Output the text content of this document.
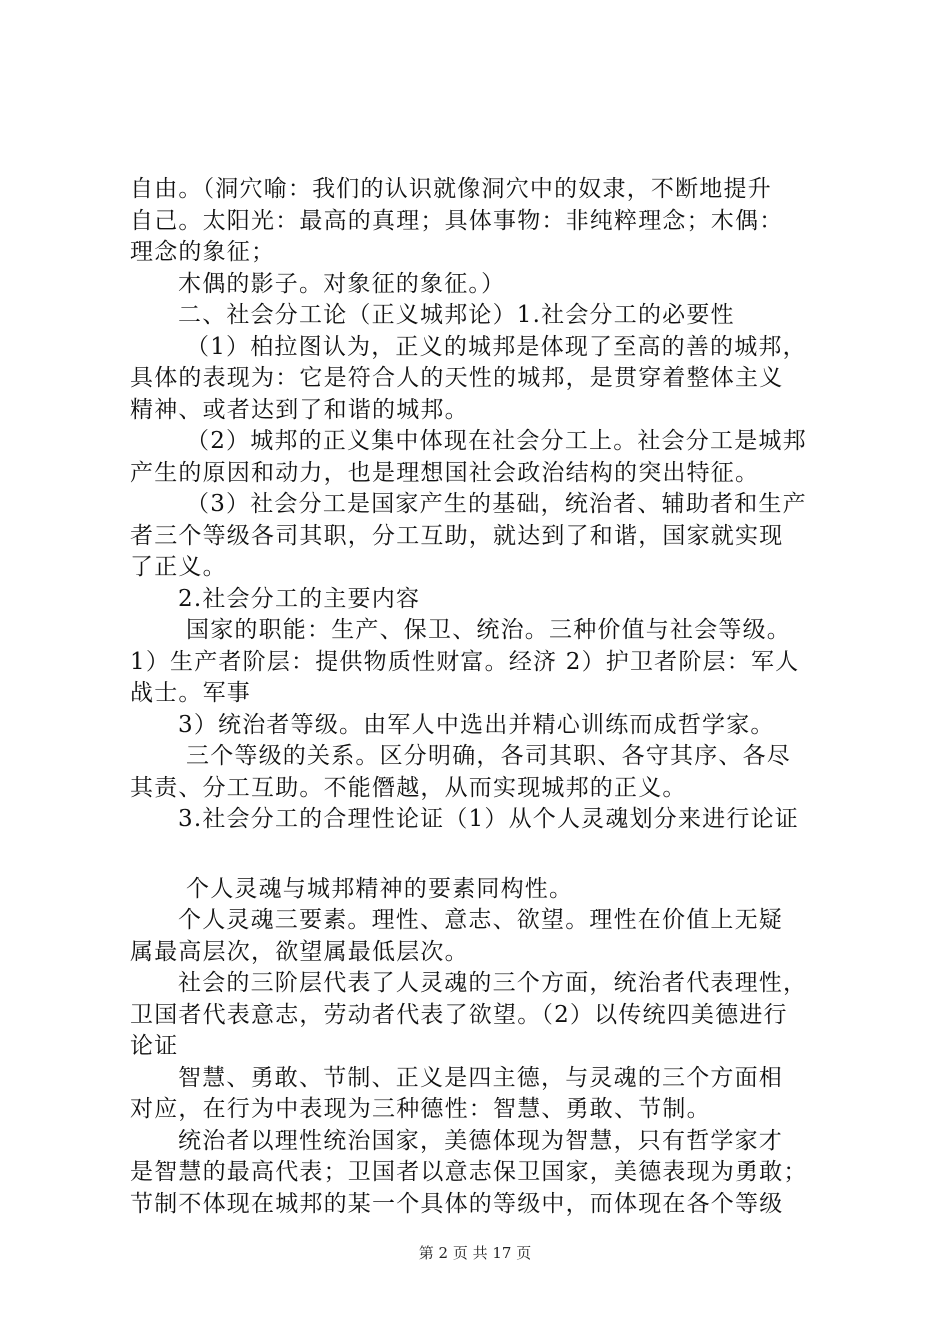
自由。（洞穴喻：我们的认识就像洞穴中的奴隶，不断地提升
自己。太阳光：最高的真理；具体事物：非纯粹理念；木偶：
理念的象征；
木偶的影子。对象征的象征。）
二、社会分工论（正义城邦论）1.社会分工的必要性
（1）柏拉图认为，正义的城邦是体现了至高的善的城邦，
具体的表现为：它是符合人的天性的城邦，是贯穿着整体主义
精神、或者达到了和谐的城邦。
（2）城邦的正义集中体现在社会分工上。社会分工是城邦
产生的原因和动力，也是理想国社会政治结构的突出特征。
（3）社会分工是国家产生的基础，统治者、辅助者和生产
者三个等级各司其职，分工互助，就达到了和谐，国家就实现
了正义。
2.社会分工的主要内容
国家的职能：生产、保卫、统治。三种价值与社会等级。
1）生产者阶层：提供物质性财富。经济 2）护卫者阶层：军人
战士。军事
3）统治者等级。由军人中选出并精心训练而成哲学家。
三个等级的关系。区分明确，各司其职、各守其序、各尽
其责、分工互助。不能僭越，从而实现城邦的正义。
3.社会分工的合理性论证（1）从个人灵魂划分来进行论证
个人灵魂与城邦精神的要素同构性。
个人灵魂三要素。理性、意志、欲望。理性在价值上无疑
属最高层次，欲望属最低层次。
社会的三阶层代表了人灵魂的三个方面，统治者代表理性，
卫国者代表意志，劳动者代表了欲望。（2）以传统四美德进行
论证
智慧、勇敢、节制、正义是四主德，与灵魂的三个方面相
对应，在行为中表现为三种德性：智慧、勇敢、节制。
统治者以理性统治国家，美德体现为智慧，只有哲学家才
是智慧的最高代表；卫国者以意志保卫国家，美德表现为勇敢；
节制不体现在城邦的某一个具体的等级中，而体现在各个等级
第 2 页 共 17 页
